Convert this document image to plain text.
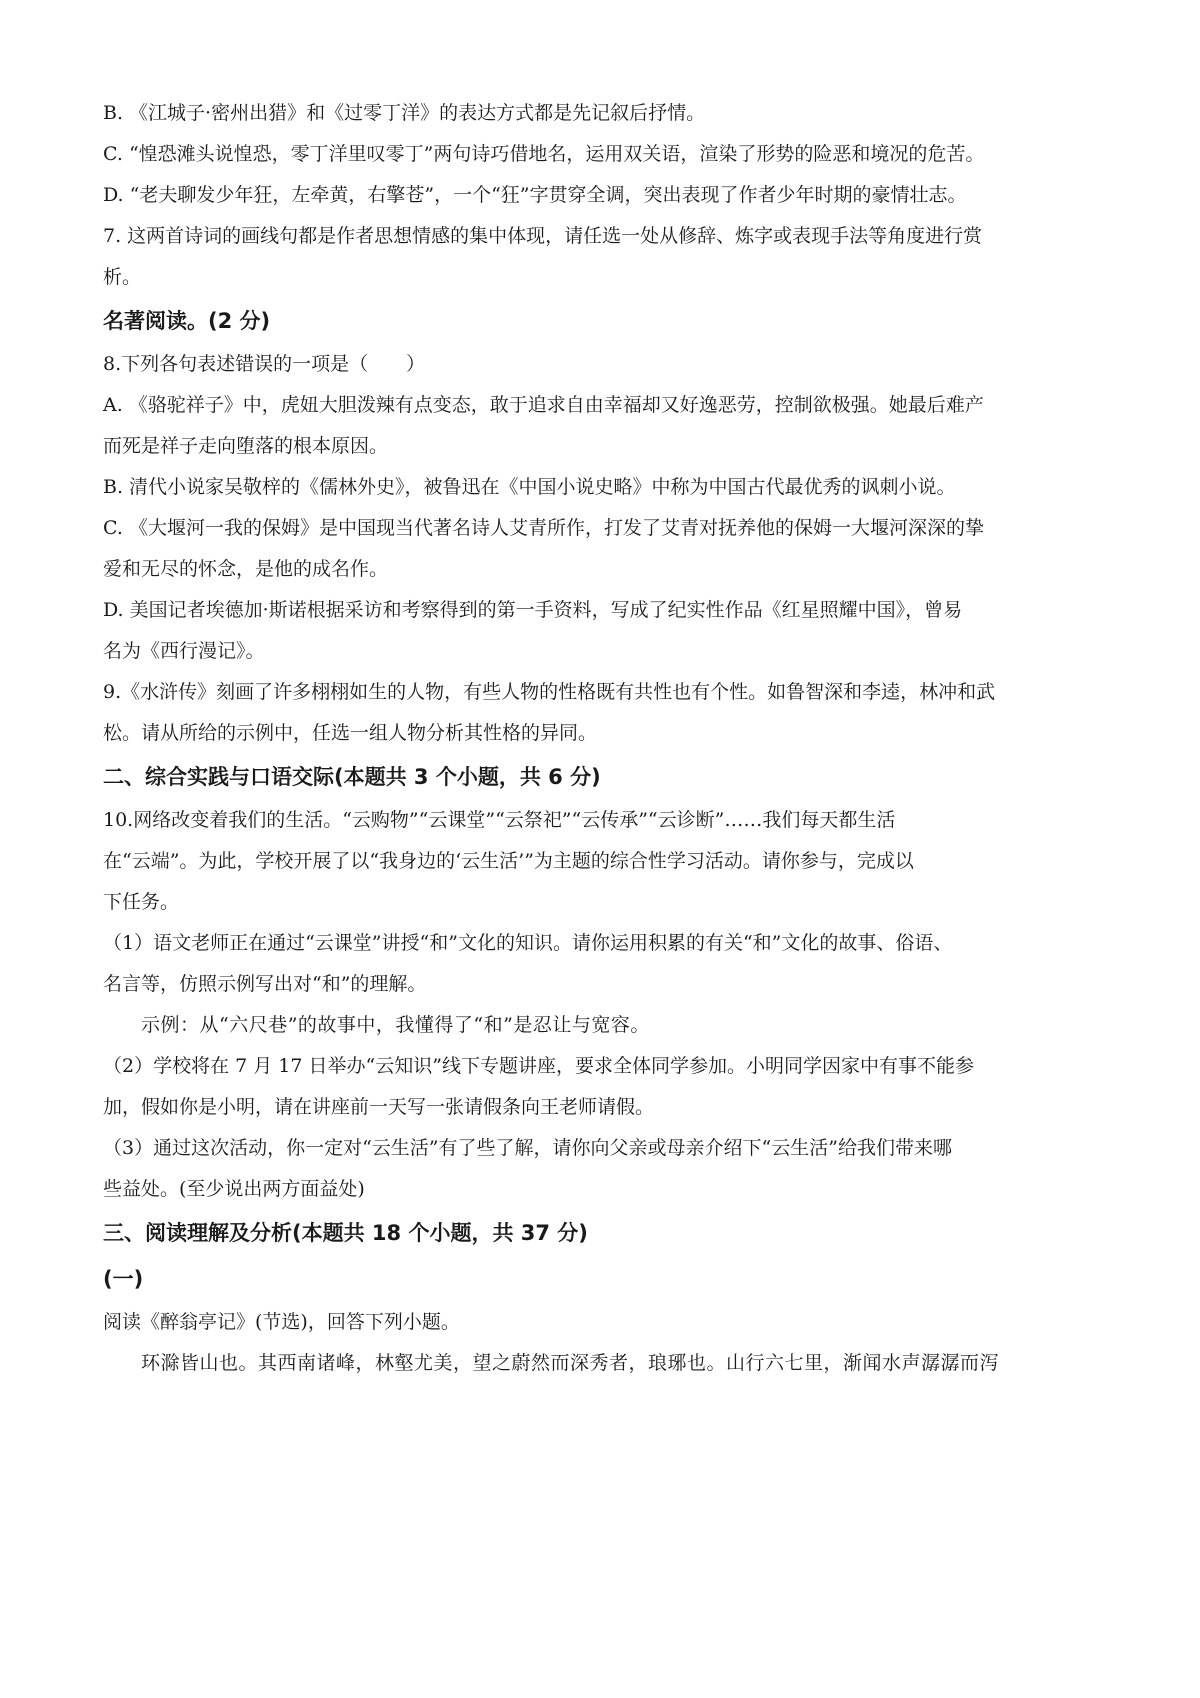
B. 《江城子·密州出猎》和《过零丁洋》的表达方式都是先记叙后抒情。
C. “惶恐滩头说惶恐，零丁洋里叹零丁”两句诗巧借地名，运用双关语，渲染了形势的险恶和境况的危苦。
D. “老夫聊发少年狂，左牵黄，右擎苍”，一个“狂”字贯穿全调，突出表现了作者少年时期的豪情壮志。
7. 这两首诗词的画线句都是作者思想情感的集中体现，请任选一处从修辞、炼字或表现手法等角度进行赏
析。
名著阅读。(2 分)
8.下列各句表述错误的一项是（　　）
A. 《骆驼祥子》中，虎妞大胆泼辣有点变态，敢于追求自由幸福却又好逸恶劳，控制欲极强。她最后难产
而死是祥子走向堕落的根本原因。
B. 清代小说家吴敬梓的《儒林外史》，被鲁迅在《中国小说史略》中称为中国古代最优秀的讽刺小说。
C. 《大堰河一我的保姆》是中国现当代著名诗人艾青所作，打发了艾青对抚养他的保姆一大堰河深深的挚
爱和无尽的怀念，是他的成名作。
D. 美国记者埃德加·斯诺根据采访和考察得到的第一手资料，写成了纪实性作品《红星照耀中国》，曾易
名为《西行漫记》。
9.《水浒传》刻画了许多栩栩如生的人物，有些人物的性格既有共性也有个性。如鲁智深和李逵，林冲和武
松。请从所给的示例中，任选一组人物分析其性格的异同。
二、综合实践与口语交际(本题共 3 个小题，共 6 分)
10.网络改变着我们的生活。“云购物”“云课堂”“云祭祀”“云传承”“云诊断”……我们每天都生活
在“云端”。为此，学校开展了以“我身边的‘云生活’”为主题的综合性学习活动。请你参与，完成以
下任务。
（1）语文老师正在通过“云课堂”讲授“和”文化的知识。请你运用积累的有关“和”文化的故事、俗语、
名言等，仿照示例写出对“和”的理解。
示例：从“六尺巷”的故事中，我懂得了“和”是忍让与宽容。
（2）学校将在 7 月 17 日举办“云知识”线下专题讲座，要求全体同学参加。小明同学因家中有事不能参
加，假如你是小明，请在讲座前一天写一张请假条向王老师请假。
（3）通过这次活动，你一定对“云生活”有了些了解，请你向父亲或母亲介绍下“云生活”给我们带来哪
些益处。(至少说出两方面益处)
三、阅读理解及分析(本题共 18 个小题，共 37 分)
(一)
阅读《醉翁亭记》(节选)，回答下列小题。
环滁皆山也。其西南诸峰，林壑尤美，望之蔚然而深秀者，琅琊也。山行六七里，渐闻水声潺潺而泻
